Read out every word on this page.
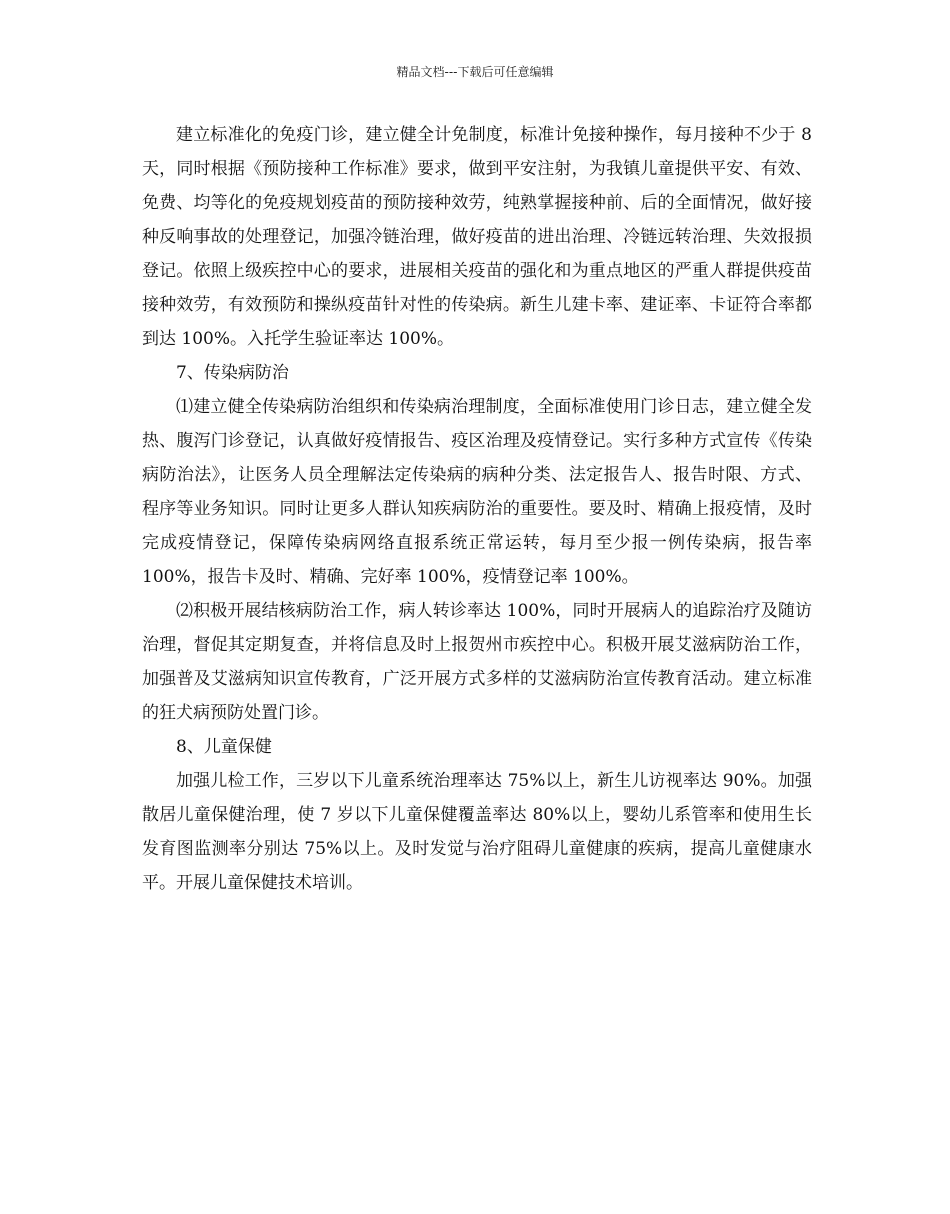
精品文档---下载后可任意编辑

建立标准化的免疫门诊，建立健全计免制度，标准计免接种操作，每月接种不少于 8 天，同时根据《预防接种工作标准》要求，做到平安注射，为我镇儿童提供平安、有效、免费、均等化的免疫规划疫苗的预防接种效劳，纯熟掌握接种前、后的全面情况，做好接种反响事故的处理登记，加强冷链治理，做好疫苗的进出治理、冷链远转治理、失效报损登记。依照上级疾控中心的要求，进展相关疫苗的强化和为重点地区的严重人群提供疫苗接种效劳，有效预防和操纵疫苗针对性的传染病。新生儿建卡率、建证率、卡证符合率都到达 100%。入托学生验证率达 100%。

7、传染病防治

⑴建立健全传染病防治组织和传染病治理制度，全面标准使用门诊日志，建立健全发热、腹泻门诊登记，认真做好疫情报告、疫区治理及疫情登记。实行多种方式宣传《传染病防治法》，让医务人员全理解法定传染病的病种分类、法定报告人、报告时限、方式、程序等业务知识。同时让更多人群认知疾病防治的重要性。要及时、精确上报疫情，及时完成疫情登记，保障传染病网络直报系统正常运转，每月至少报一例传染病，报告率 100%，报告卡及时、精确、完好率 100%，疫情登记率 100%。

⑵积极开展结核病防治工作，病人转诊率达 100%，同时开展病人的追踪治疗及随访治理，督促其定期复查，并将信息及时上报贺州市疾控中心。积极开展艾滋病防治工作，加强普及艾滋病知识宣传教育，广泛开展方式多样的艾滋病防治宣传教育活动。建立标准的狂犬病预防处置门诊。

8、儿童保健

加强儿检工作，三岁以下儿童系统治理率达 75%以上，新生儿访视率达 90%。加强散居儿童保健治理，使 7 岁以下儿童保健覆盖率达 80%以上，婴幼儿系管率和使用生长发育图监测率分别达 75%以上。及时发觉与治疗阻碍儿童健康的疾病，提高儿童健康水平。开展儿童保健技术培训。
